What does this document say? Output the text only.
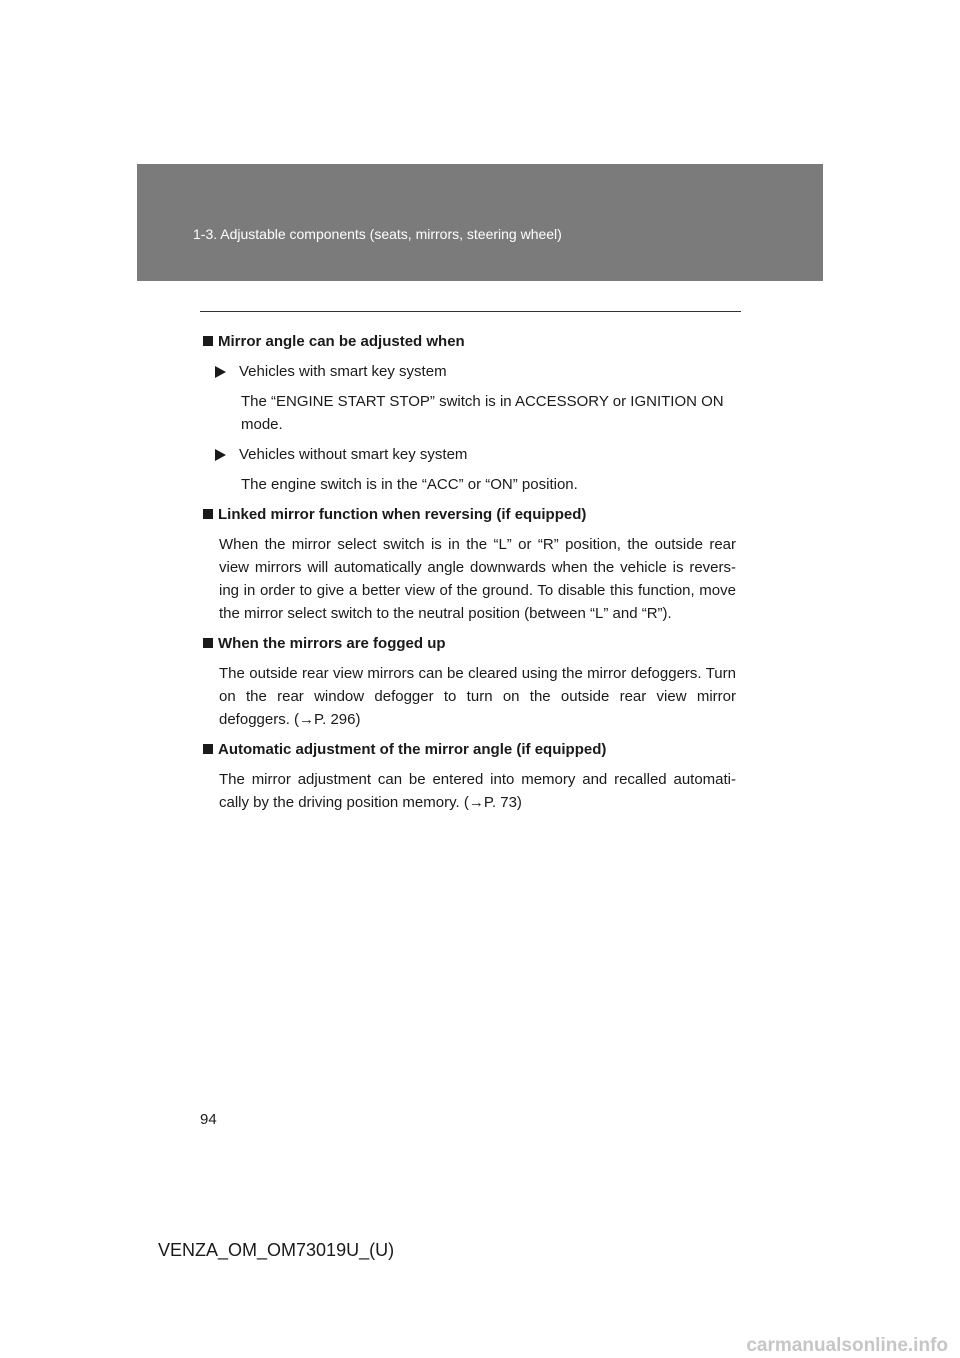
1-3. Adjustable components (seats, mirrors, steering wheel)
Mirror angle can be adjusted when
Vehicles with smart key system
The “ENGINE START STOP” switch is in ACCESSORY or IGNITION ON mode.
Vehicles without smart key system
The engine switch is in the “ACC” or “ON” position.
Linked mirror function when reversing (if equipped)
When the mirror select switch is in the “L” or “R” position, the outside rear view mirrors will automatically angle downwards when the vehicle is revers-ing in order to give a better view of the ground. To disable this function, move the mirror select switch to the neutral position (between “L” and “R”).
When the mirrors are fogged up
The outside rear view mirrors can be cleared using the mirror defoggers. Turn on the rear window defogger to turn on the outside rear view mirror defoggers. (→P. 296)
Automatic adjustment of the mirror angle (if equipped)
The mirror adjustment can be entered into memory and recalled automati-cally by the driving position memory. (→P. 73)
94
VENZA_OM_OM73019U_(U)
carmanualsonline.info
